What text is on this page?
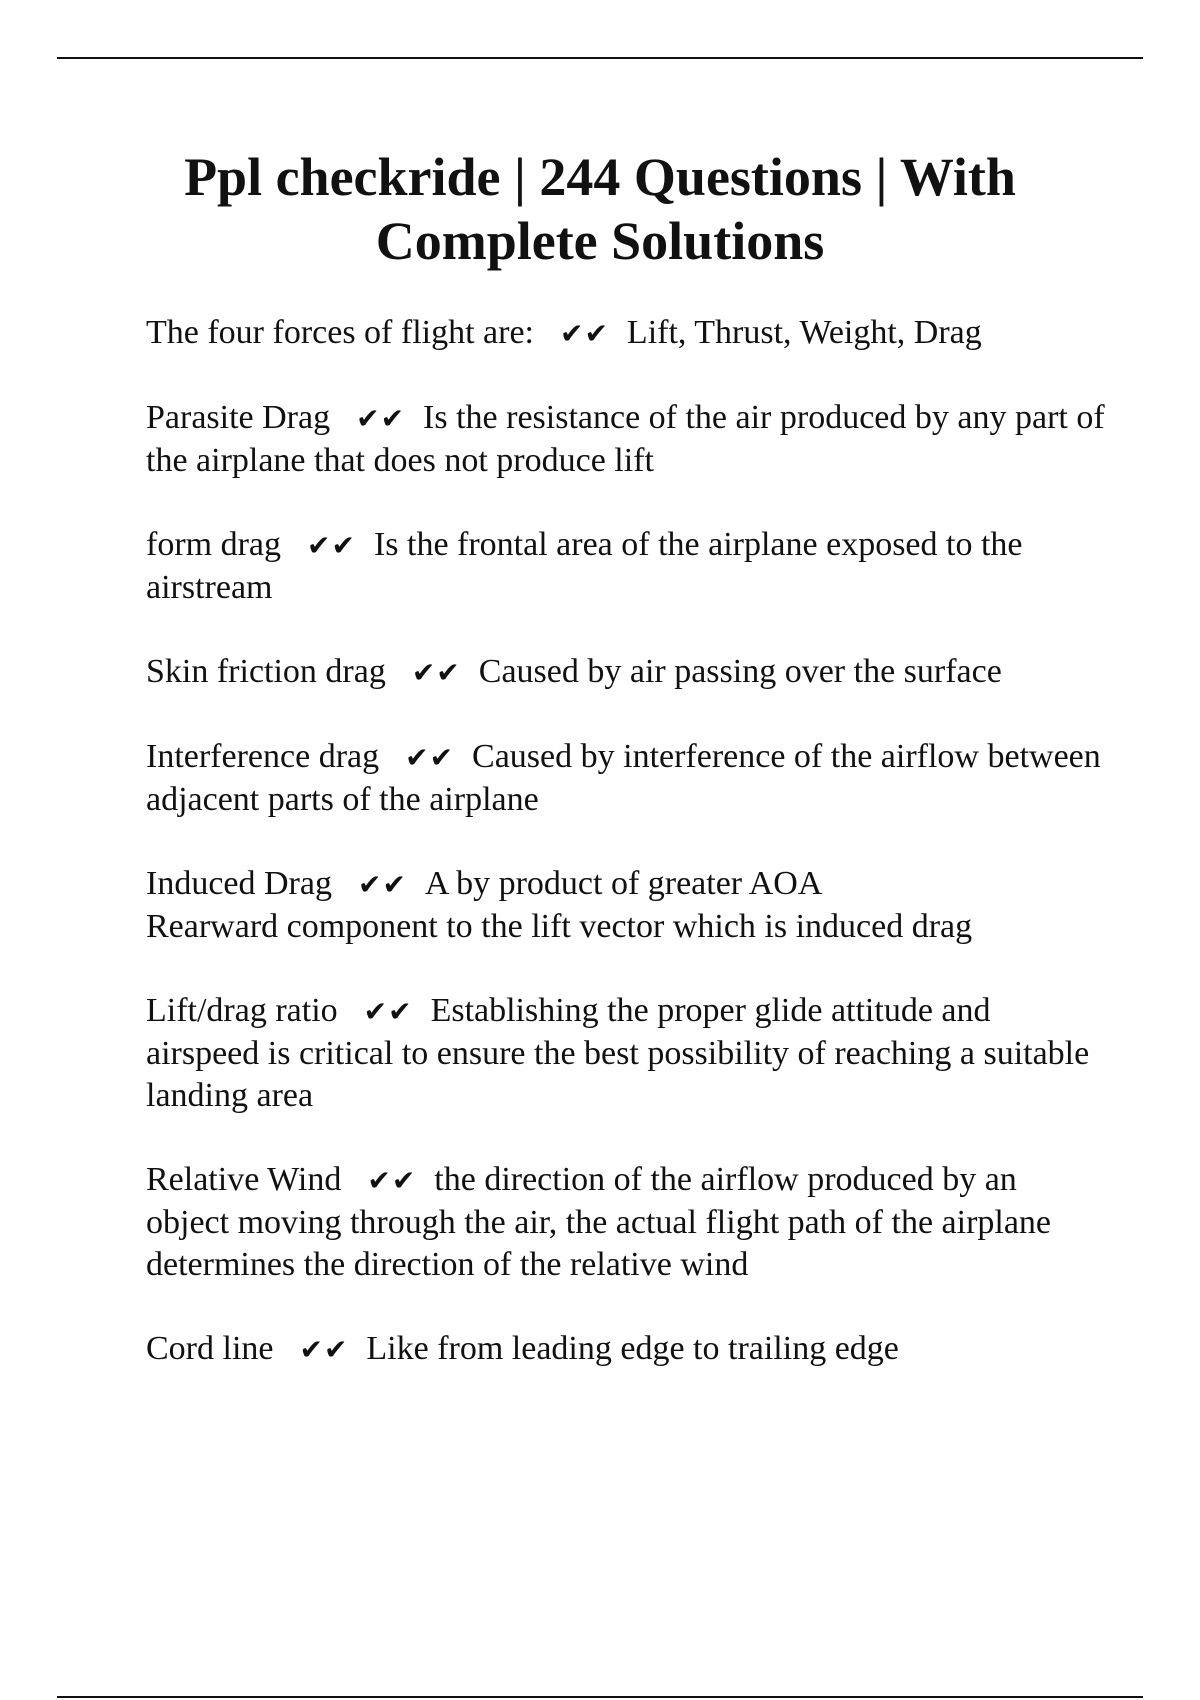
Ppl checkride | 244 Questions | With Complete Solutions

The four forces of flight are: ✔✔ Lift, Thrust, Weight, Drag

Parasite Drag ✔✔ Is the resistance of the air produced by any part of the airplane that does not produce lift

form drag ✔✔ Is the frontal area of the airplane exposed to the airstream

Skin friction drag ✔✔ Caused by air passing over the surface

Interference drag ✔✔ Caused by interference of the airflow between adjacent parts of the airplane

Induced Drag ✔✔ A by product of greater AOA
Rearward component to the lift vector which is induced drag

Lift/drag ratio ✔✔ Establishing the proper glide attitude and airspeed is critical to ensure the best possibility of reaching a suitable landing area

Relative Wind ✔✔ the direction of the airflow produced by an object moving through the air, the actual flight path of the airplane determines the direction of the relative wind

Cord line ✔✔ Like from leading edge to trailing edge
